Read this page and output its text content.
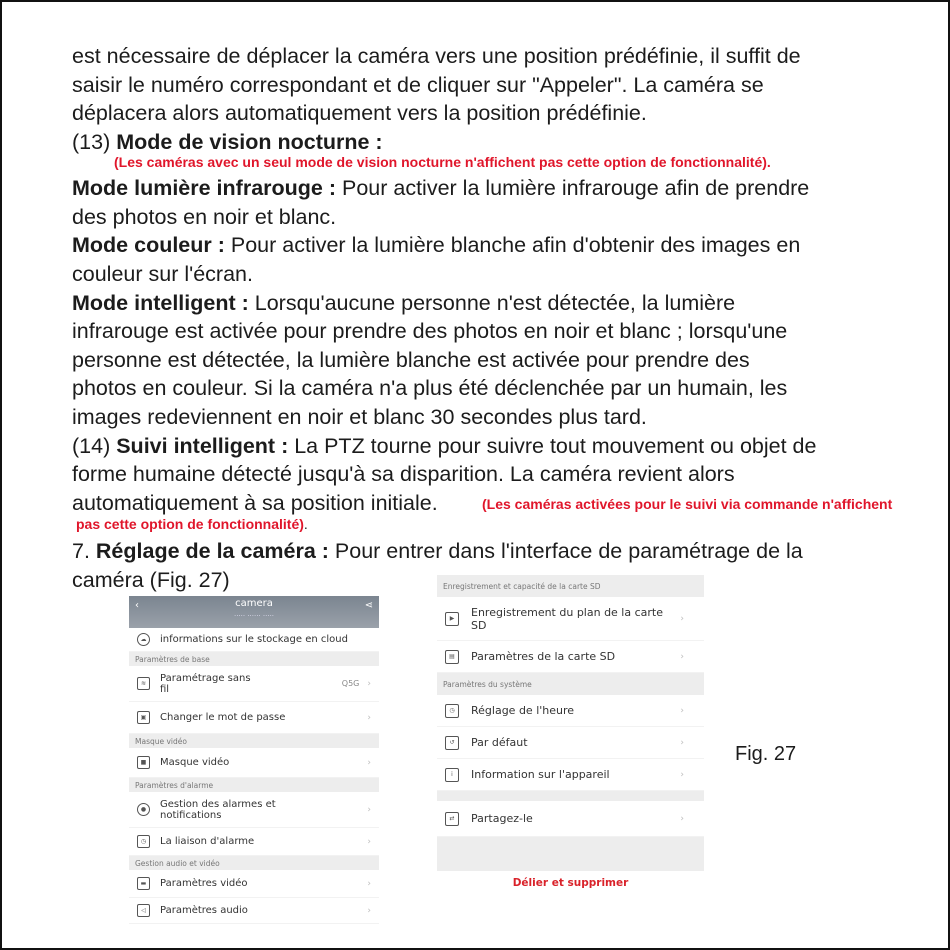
est nécessaire de déplacer la caméra vers une position prédéfinie, il suffit de
saisir le numéro correspondant et de cliquer sur "Appeler". La caméra se
déplacera alors automatiquement vers la position prédéfinie.
(13) Mode de vision nocturne :
(Les caméras avec un seul mode de vision nocturne n'affichent pas cette option de fonctionnalité).
Mode lumière infrarouge : Pour activer la lumière infrarouge afin de prendre
des photos en noir et blanc.
Mode couleur : Pour activer la lumière blanche afin d'obtenir des images en
couleur sur l'écran.
Mode intelligent : Lorsqu'aucune personne n'est détectée, la lumière
infrarouge est activée pour prendre des photos en noir et blanc ; lorsqu'une
personne est détectée, la lumière blanche est activée pour prendre des
photos en couleur. Si la caméra n'a plus été déclenchée par un humain, les
images redeviennent en noir et blanc 30 secondes plus tard.
(14) Suivi intelligent : La PTZ tourne pour suivre tout mouvement ou objet de
forme humaine détecté jusqu'à sa disparition. La caméra revient alors
automatiquement à sa position initiale.	(Les caméras activées pour le suivi via commande n'affichent
pas cette option de fonctionnalité).
7. Réglage de la caméra : Pour entrer dans l'interface de paramétrage de la
caméra (Fig. 27)
Fig. 27
‹	camera
····· ······ ·····
⋖
☁	informations sur le stockage en cloud
Paramètres de base
≋	Paramétrage sans fil	Q5G ›
▣	Changer le mot de passe	›
Masque vidéo
■	Masque vidéo	›
Paramètres d'alarme
●	Gestion des alarmes et notifications	›
◷	La liaison d'alarme	›
Gestion audio et vidéo
▬	Paramètres vidéo	›
◁	Paramètres audio	›
Enregistrement et capacité de la carte SD
▶	Enregistrement du plan de la carte SD	›
▤	Paramètres de la carte SD	›
Paramètres du système
◷	Réglage de l'heure	›
↺	Par défaut	›
i	Information sur l'appareil	›
⇄	Partagez-le	›
Délier et supprimer
